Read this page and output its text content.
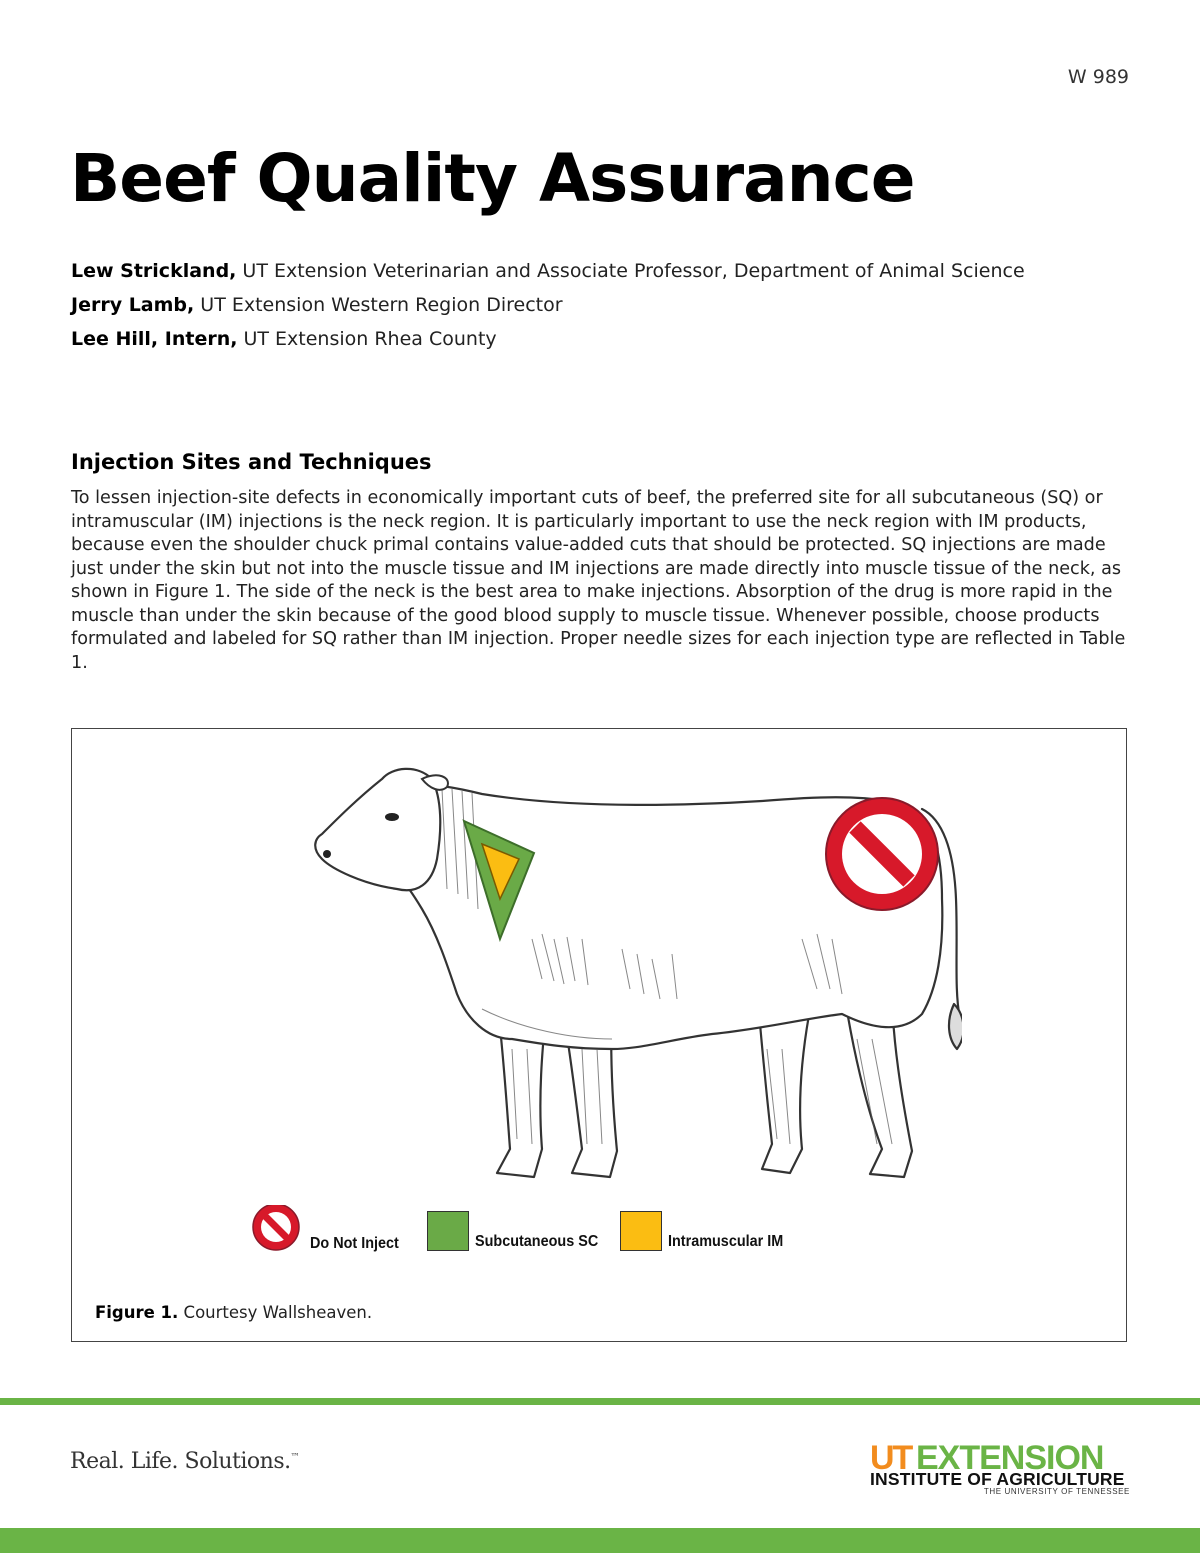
W 989
Beef Quality Assurance
Lew Strickland, UT Extension Veterinarian and Associate Professor, Department of Animal Science
Jerry Lamb, UT Extension Western Region Director
Lee Hill, Intern, UT Extension Rhea County
Injection Sites and Techniques

To lessen injection-site defects in economically important cuts of beef, the preferred site for all subcutaneous (SQ) or intramuscular (IM) injections is the neck region. It is particularly important to use the neck region with IM products, because even the shoulder chuck primal contains value-added cuts that should be protected. SQ injections are made just under the skin but not into the muscle tissue and IM injections are made directly into muscle tissue of the neck, as shown in Figure 1. The side of the neck is the best area to make injections. Absorption of the drug is more rapid in the muscle than under the skin because of the good blood supply to muscle tissue. Whenever possible, choose products formulated and labeled for SQ rather than IM injection. Proper needle sizes for each injection type are reflected in Table 1.

Do Not Inject	Subcutaneous SC	Intramuscular IM
Figure 1. Courtesy Wallsheaven.
Real. Life. Solutions.™	UT EXTENSION
INSTITUTE OF AGRICULTURE
THE UNIVERSITY OF TENNESSEE
